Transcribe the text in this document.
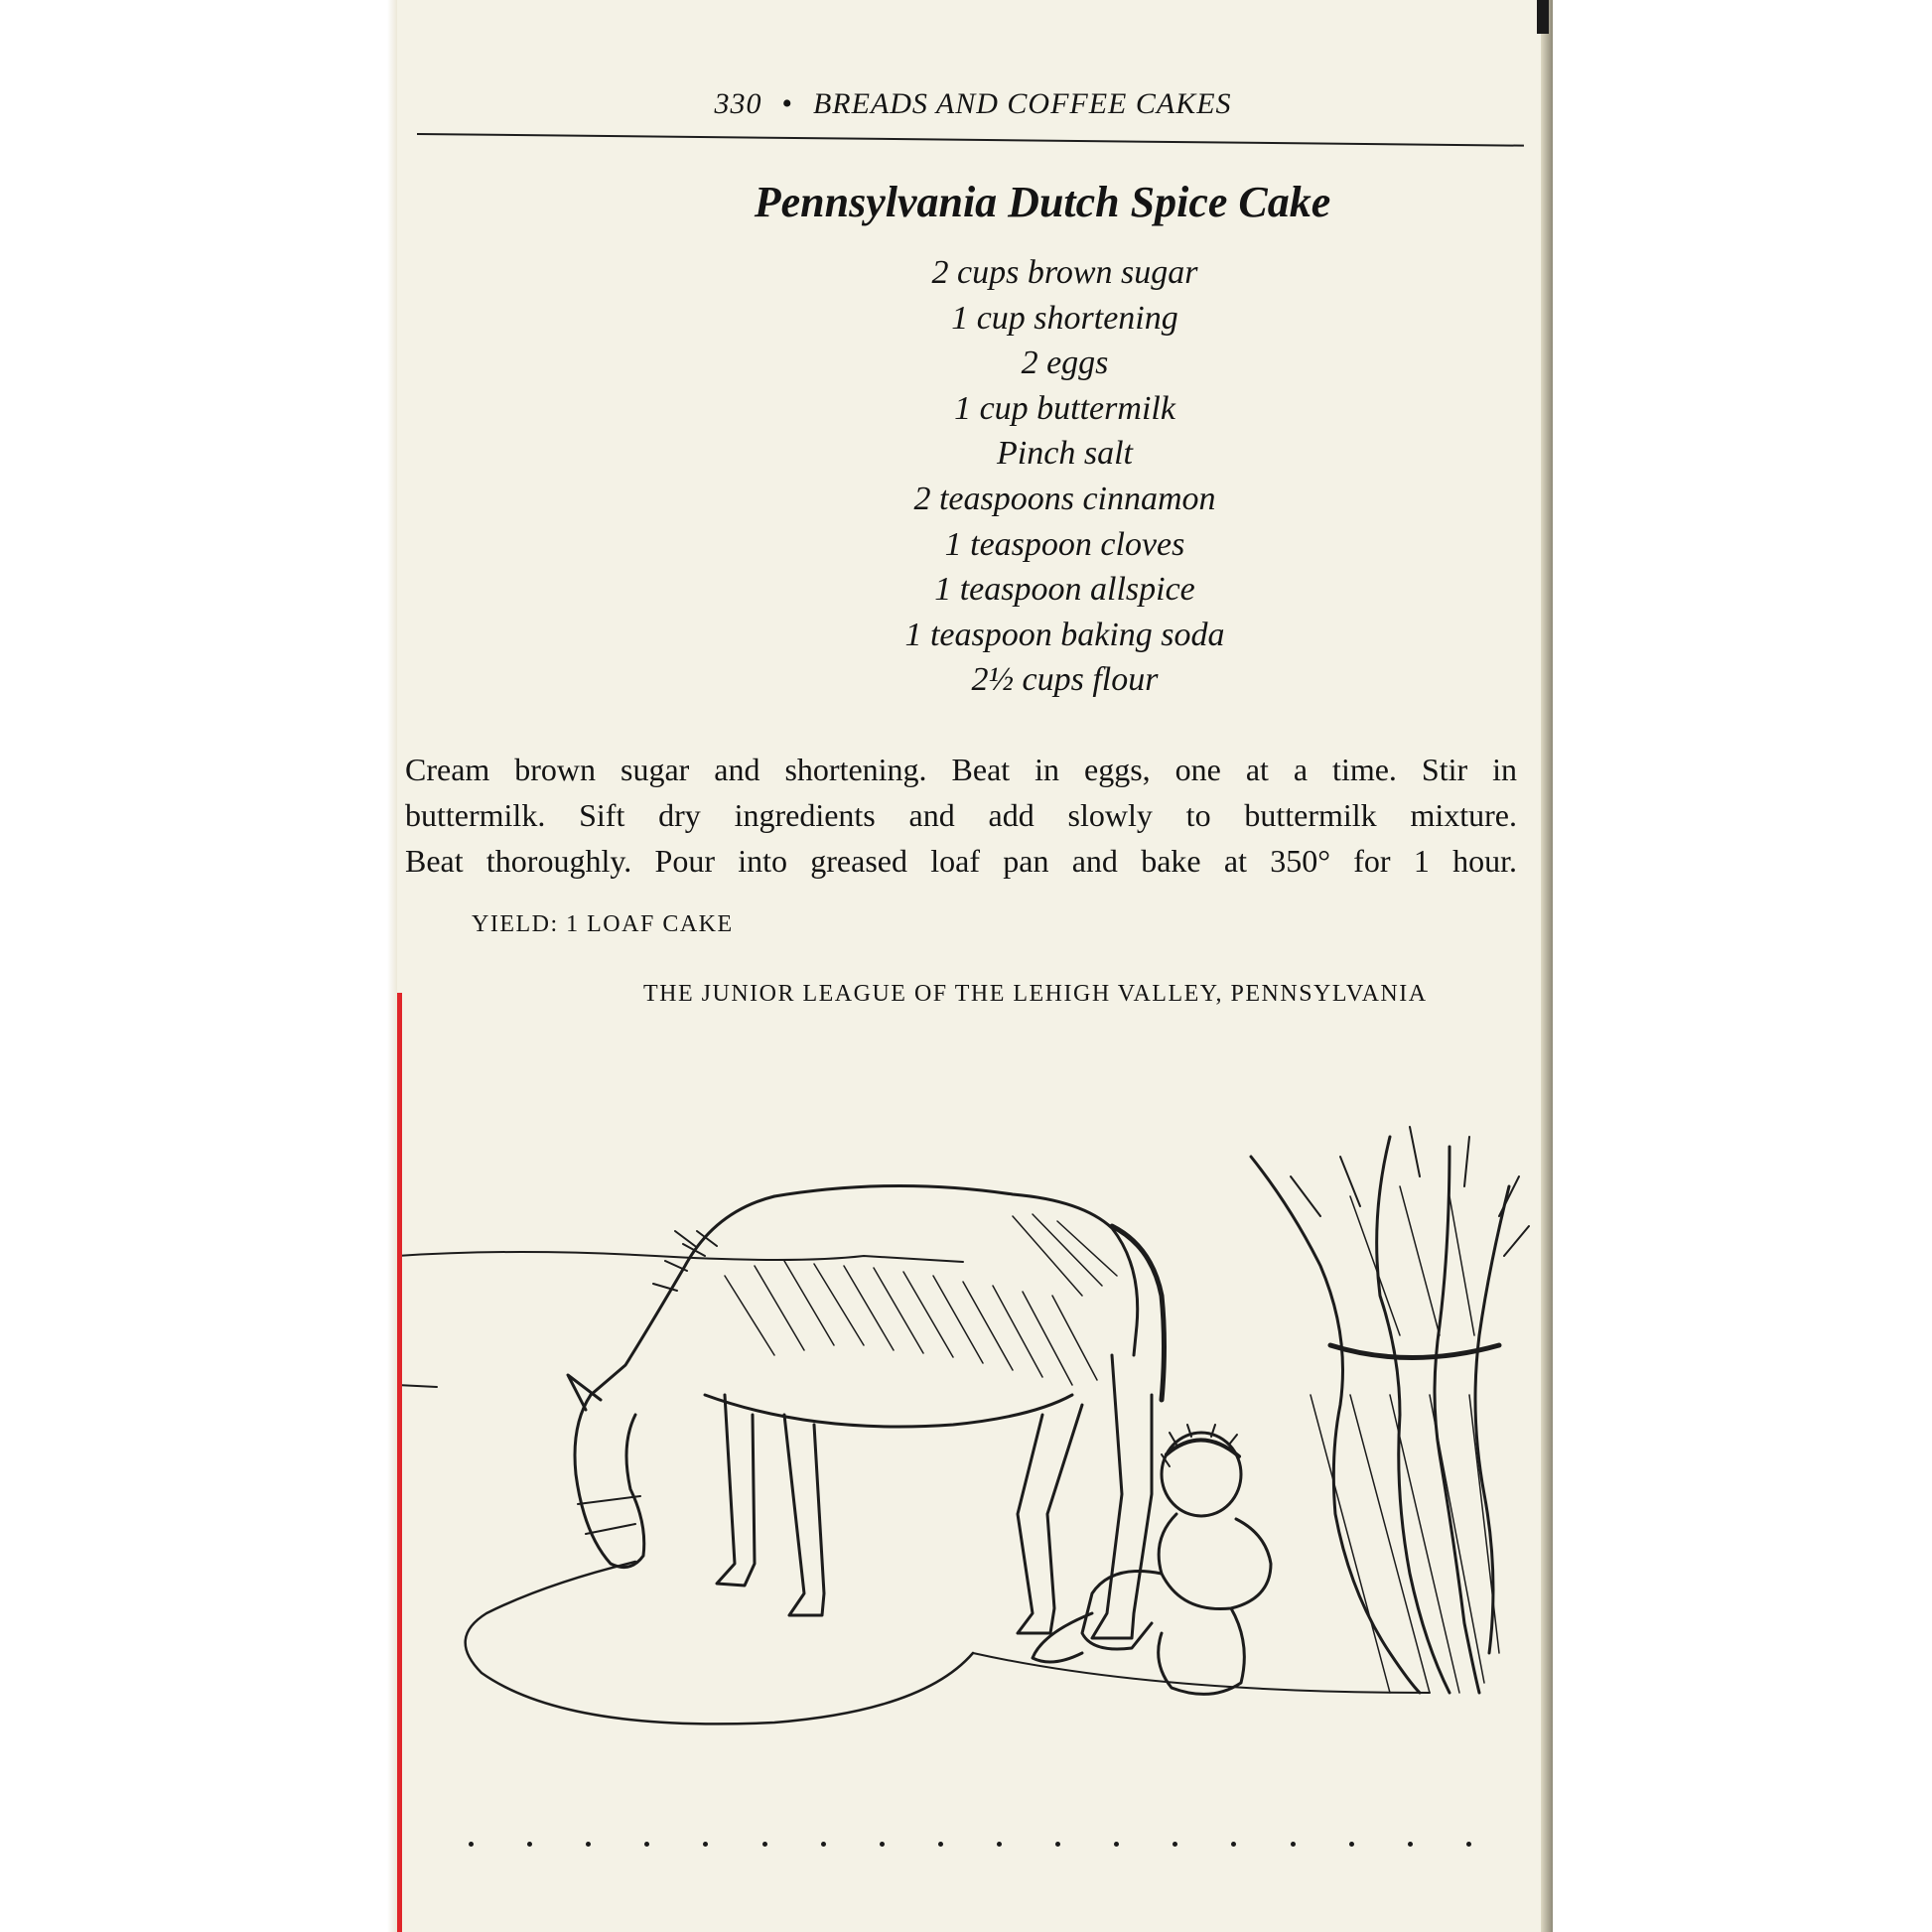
330 • BREADS AND COFFEE CAKES
Pennsylvania Dutch Spice Cake
2 cups brown sugar
1 cup shortening
2 eggs
1 cup buttermilk
Pinch salt
2 teaspoons cinnamon
1 teaspoon cloves
1 teaspoon allspice
1 teaspoon baking soda
2½ cups flour
Cream brown sugar and shortening. Beat in eggs, one at a time. Stir in
buttermilk. Sift dry ingredients and add slowly to buttermilk mixture.
Beat thoroughly. Pour into greased loaf pan and bake at 350° for 1 hour.
YIELD: 1 LOAF CAKE
THE JUNIOR LEAGUE OF THE LEHIGH VALLEY, PENNSYLVANIA
